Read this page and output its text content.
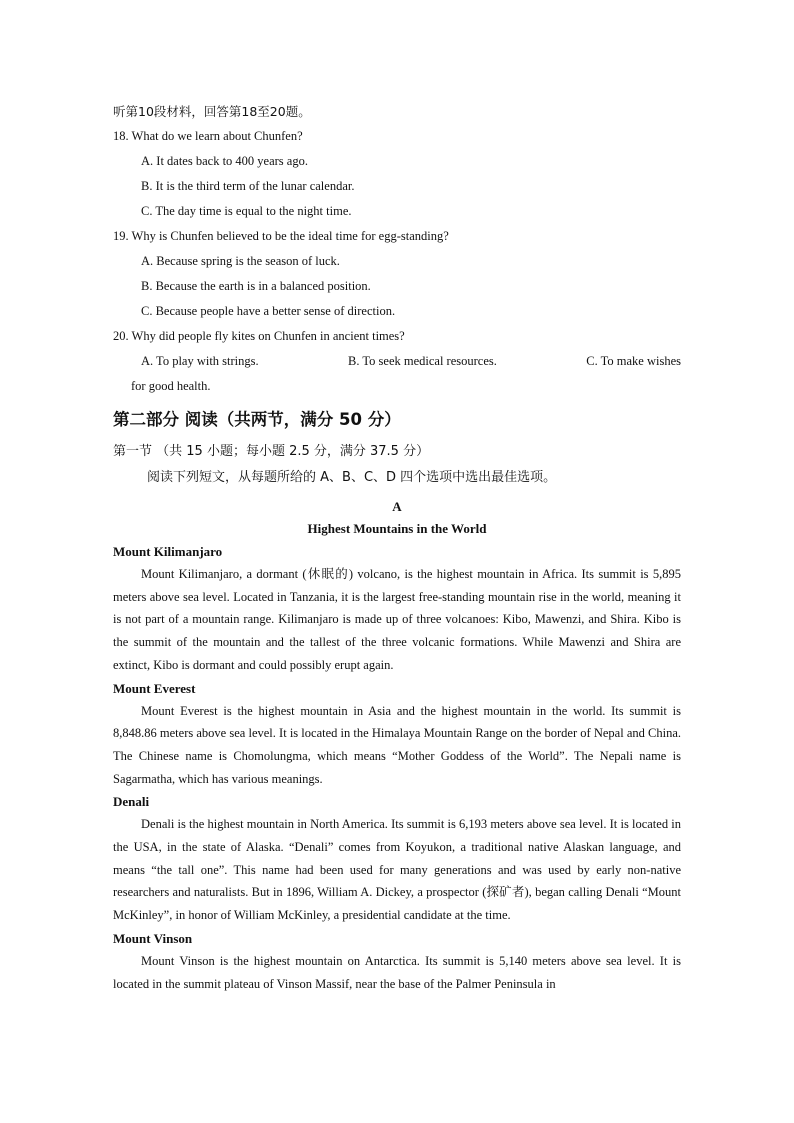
听第10段材料，回答第18至20题。
18. What do we learn about Chunfen?
A. It dates back to 400 years ago.
B. It is the third term of the lunar calendar.
C. The day time is equal to the night time.
19. Why is Chunfen believed to be the ideal time for egg-standing?
A. Because spring is the season of luck.
B. Because the earth is in a balanced position.
C. Because people have a better sense of direction.
20. Why did people fly kites on Chunfen in ancient times?
A. To play with strings.	B. To seek medical resources.	C. To make wishes
for good health.
第二部分 阅读（共两节，满分 50 分）
第一节 （共 15 小题；每小题 2.5 分，满分 37.5 分）
阅读下列短文，从每题所给的 A、B、C、D 四个选项中选出最佳选项。
A
Highest Mountains in the World
Mount Kilimanjaro

Mount Kilimanjaro, a dormant (休眠的) volcano, is the highest mountain in Africa. Its summit is 5,895 meters above sea level. Located in Tanzania, it is the largest free-standing mountain rise in the world, meaning it is not part of a mountain range. Kilimanjaro is made up of three volcanoes: Kibo, Mawenzi, and Shira. Kibo is the summit of the mountain and the tallest of the three volcanic formations. While Mawenzi and Shira are extinct, Kibo is dormant and could possibly erupt again.

Mount Everest

Mount Everest is the highest mountain in Asia and the highest mountain in the world. Its summit is 8,848.86 meters above sea level. It is located in the Himalaya Mountain Range on the border of Nepal and China. The Chinese name is Chomolungma, which means “Mother Goddess of the World”. The Nepali name is Sagarmatha, which has various meanings.

Denali

Denali is the highest mountain in North America. Its summit is 6,193 meters above sea level. It is located in the USA, in the state of Alaska. “Denali” comes from Koyukon, a traditional native Alaskan language, and means “the tall one”. This name had been used for many generations and was used by early non-native researchers and naturalists. But in 1896, William A. Dickey, a prospector (探矿者), began calling Denali “Mount McKinley”, in honor of William McKinley, a presidential candidate at the time.

Mount Vinson

Mount Vinson is the highest mountain on Antarctica. Its summit is 5,140 meters above sea level. It is located in the summit plateau of Vinson Massif, near the base of the Palmer Peninsula in
